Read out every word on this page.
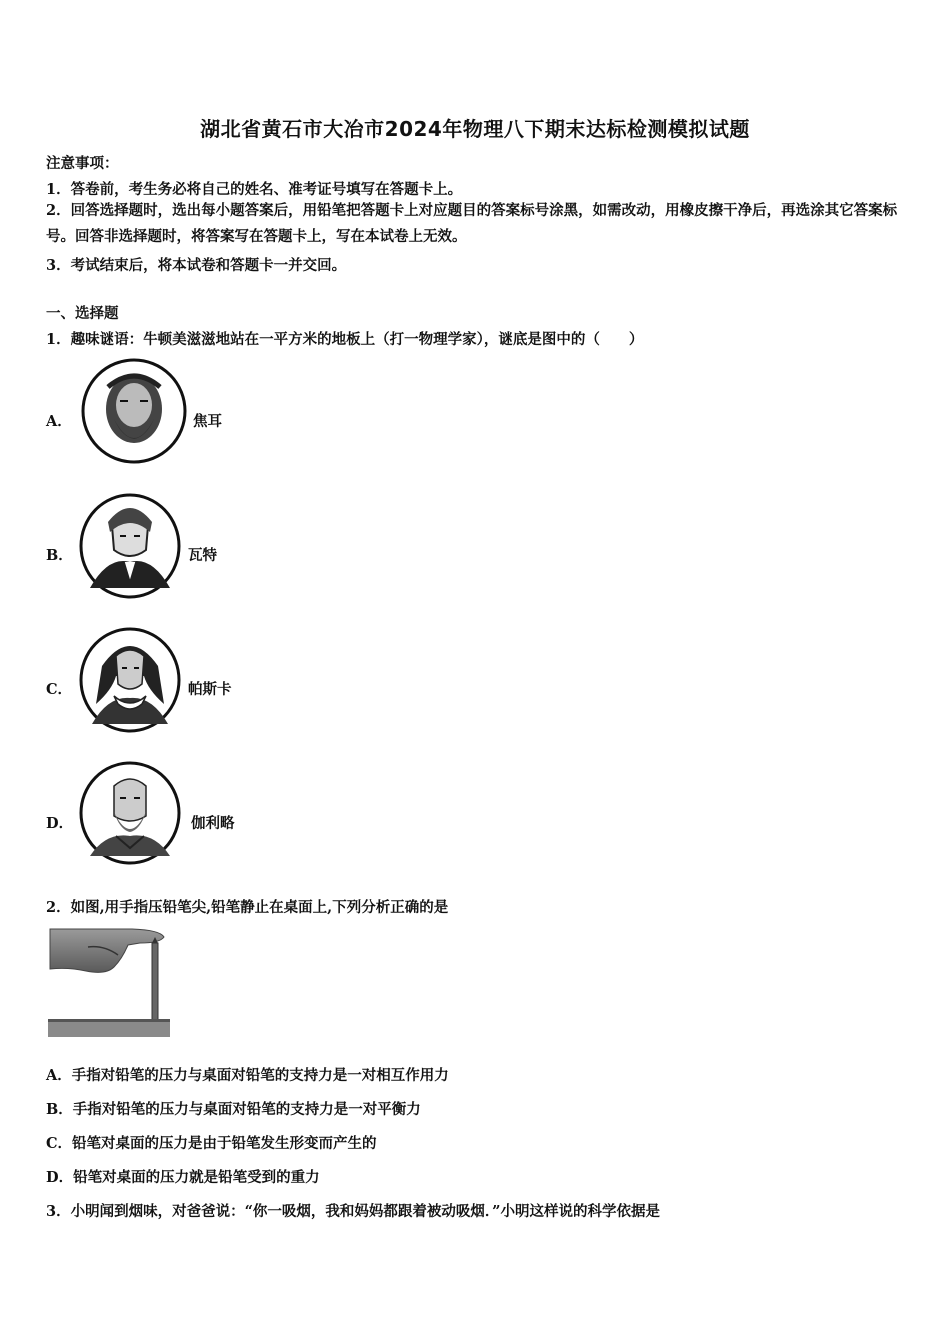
湖北省黄石市大冶市2024年物理八下期末达标检测模拟试题
注意事项：
1．答卷前，考生务必将自己的姓名、准考证号填写在答题卡上。
2．回答选择题时，选出每小题答案后，用铅笔把答题卡上对应题目的答案标号涂黑，如需改动，用橡皮擦干净后，再选涂其它答案标号。回答非选择题时，将答案写在答题卡上，写在本试卷上无效。
3．考试结束后，将本试卷和答题卡一并交回。
一、选择题
1．趣味谜语：牛顿美滋滋地站在一平方米的地板上（打一物理学家），谜底是图中的（　　）
A．	焦耳
B．	瓦特
C．	帕斯卡
D．	伽利略
2．如图,用手指压铅笔尖,铅笔静止在桌面上,下列分析正确的是
A．手指对铅笔的压力与桌面对铅笔的支持力是一对相互作用力
B．手指对铅笔的压力与桌面对铅笔的支持力是一对平衡力
C．铅笔对桌面的压力是由于铅笔发生形变而产生的
D．铅笔对桌面的压力就是铅笔受到的重力
3．小明闻到烟味，对爸爸说：“你一吸烟，我和妈妈都跟着被动吸烟．”小明这样说的科学依据是
